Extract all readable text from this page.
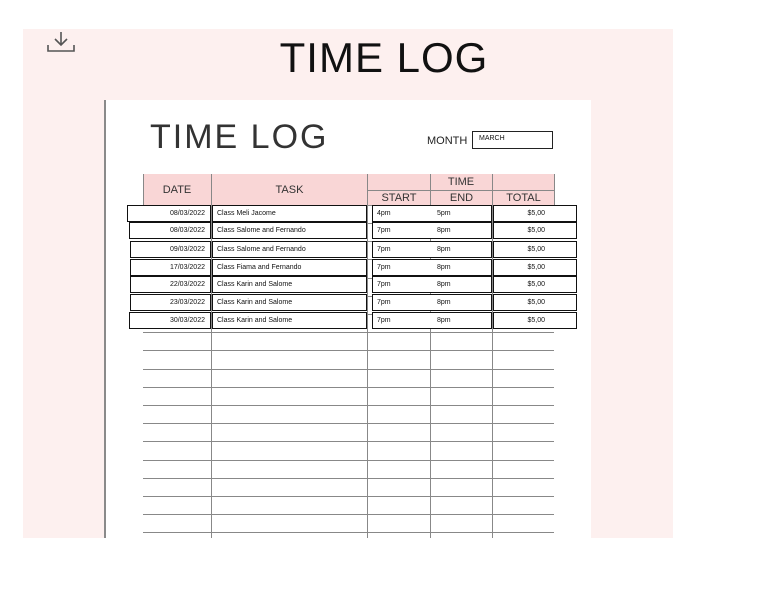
TIME LOG
TIME LOG	MONTH	MARCH
DATE	TASK
TIME
START	END	TOTAL
08/03/2022	Class Meli Jacome	4pm	5pm	$5,00
08/03/2022	Class Salome and Fernando	7pm	8pm	$5,00
09/03/2022	Class Salome and Fernando	7pm	8pm	$5,00
17/03/2022	Class Fiama and Fernando	7pm	8pm	$5,00
22/03/2022	Class Karin and Salome	7pm	8pm	$5,00
23/03/2022	Class Karin and Salome	7pm	8pm	$5,00
30/03/2022	Class Karin and Salome	7pm	8pm	$5,00
